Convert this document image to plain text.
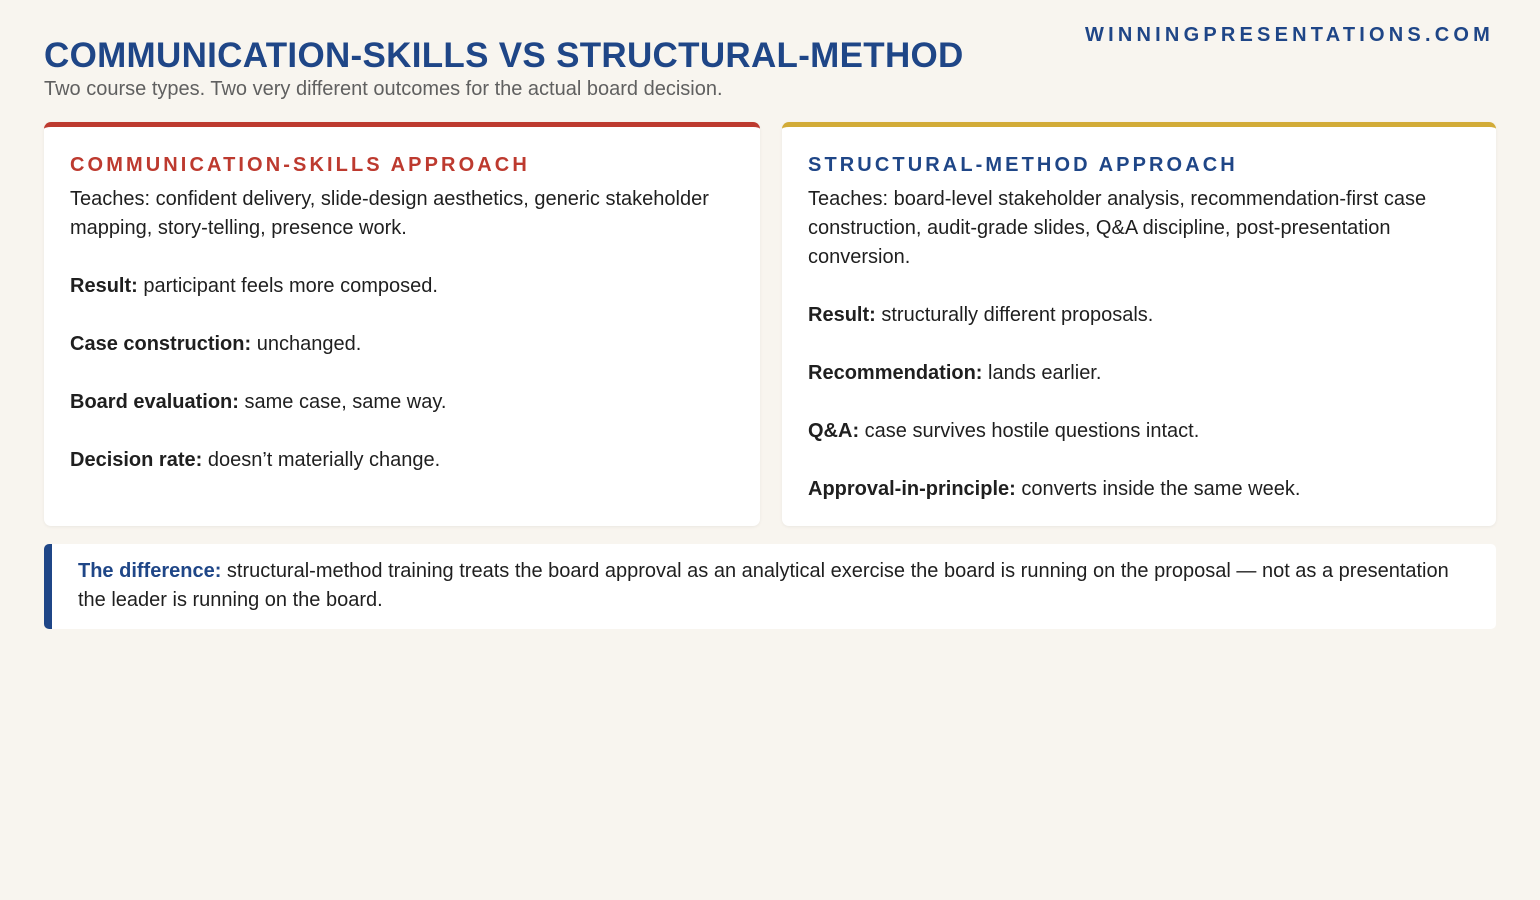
WINNINGPRESENTATIONS.COM
COMMUNICATION-SKILLS VS STRUCTURAL-METHOD

Two course types. Two very different outcomes for the actual board decision.

COMMUNICATION-SKILLS APPROACH

Teaches: confident delivery, slide-design aesthetics, generic stakeholder mapping, story-telling, presence work.

Result: participant feels more composed.

Case construction: unchanged.

Board evaluation: same case, same way.

Decision rate: doesn’t materially change.

STRUCTURAL-METHOD APPROACH

Teaches: board-level stakeholder analysis, recommendation-first case construction, audit-grade slides, Q&A discipline, post-presentation conversion.

Result: structurally different proposals.

Recommendation: lands earlier.

Q&A: case survives hostile questions intact.

Approval-in-principle: converts inside the same week.

The difference: structural-method training treats the board approval as an analytical exercise the board is running on the proposal — not as a presentation the leader is running on the board.
